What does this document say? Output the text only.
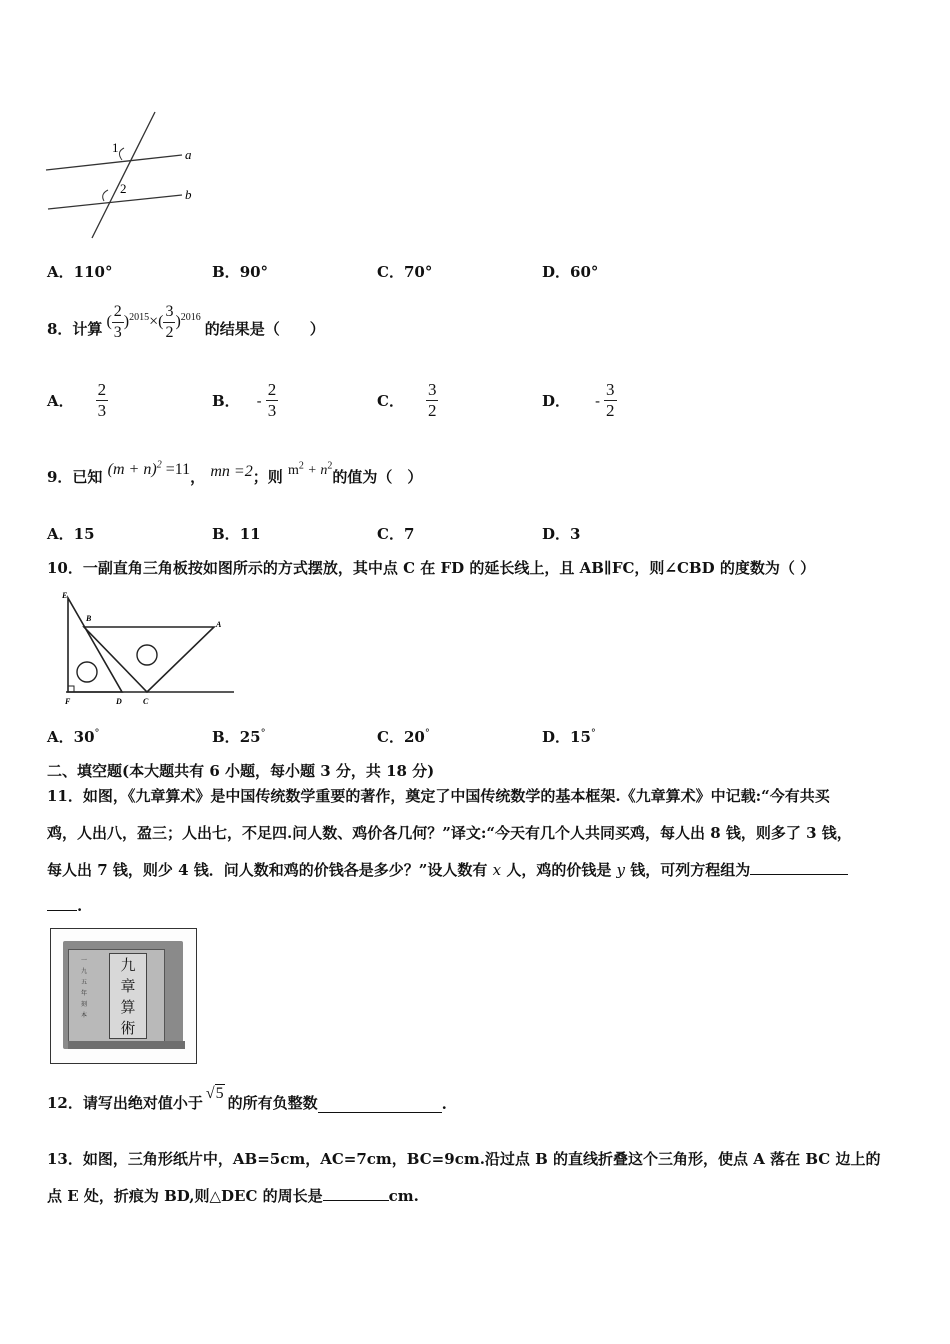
1
2
a
b
A．110°	B．90°	C．70°	D．60°
8．计算 ( $\frac{2}{3} )^{2015}\times( \frac{3}{2} )^{2016}$
的结果是（　　）
A． $\frac{2}{3}$	B．	- $\frac{2}{3}$	C． $\frac{3}{2}$	D．	- $\frac{3}{2}$
9．已知 $(m + n)^2 =11$， mn =2；则 $m^2 + n^2$的值为（　）
A．15	B．11	C．7	D．3
10．一副直角三角板按如图所示的方式摆放，其中点 C 在 FD 的延长线上，且 AB∥FC，则∠CBD 的度数为（ ）
E
B
A
F	D	C
A．30°	B．25°	C．20°	D．15°
二、填空题(本大题共有 6 小题，每小题 3 分，共 18 分)
11．如图，《九章算术》是中国传统数学重要的著作，奠定了中国传统数学的基本框架.《九章算术》中记载:“今有共买
鸡，人出八，盈三；人出七，不足四.问人数、鸡价各几何？”译文:“今天有几个人共同买鸡，每人出 8 钱，则多了 3 钱，
每人出 7 钱，则少 4 钱．问人数和鸡的价钱各是多少？”设人数有 x 人，鸡的价钱是 y 钱，可列方程组为
.
一 九 五 年 刻 本
九
章
算
術
12．请写出绝对值小于
√5
的所有负整数	.
13．如图，三角形纸片中，AB=5cm，AC=7cm，BC=9cm.沿过点 B 的直线折叠这个三角形，使点 A 落在 BC 边上的
点 E 处，折痕为 BD,则△DEC 的周长是	cm.
